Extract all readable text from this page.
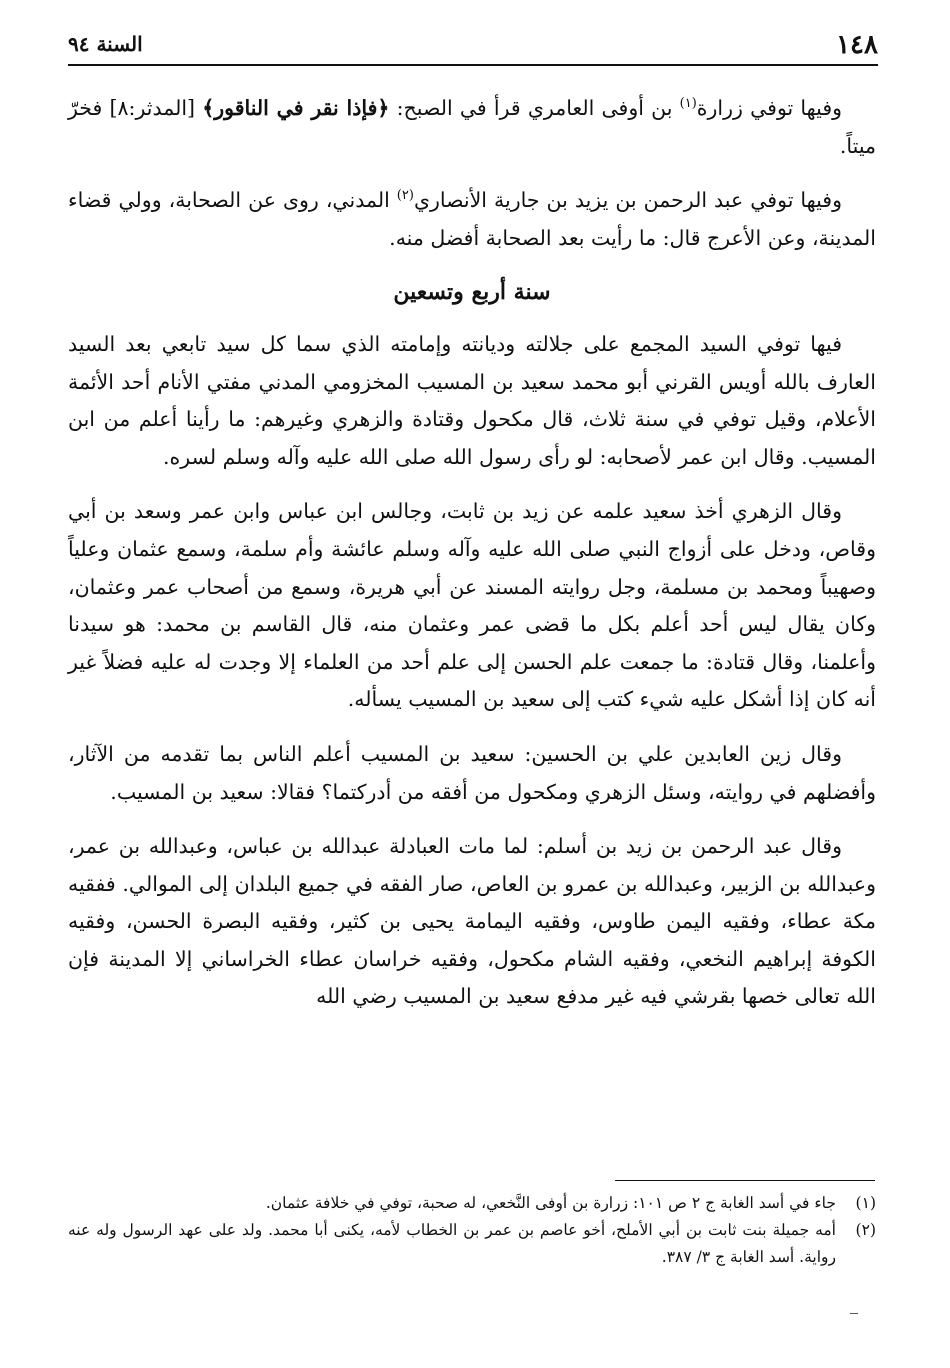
١٤٨
السنة ٩٤

وفيها توفي زرارة$^{(١)}$ بن أوفى العامري قرأ في الصبح: ﴿فإذا نقر في الناقور﴾ [المدثر:٨] فخرّ ميتاً.

وفيها توفي عبد الرحمن بن يزيد بن جارية الأنصاري$^{(٢)}$ المدني، روى عن الصحابة، وولي قضاء المدينة، وعن الأعرج قال: ما رأيت بعد الصحابة أفضل منه.

سنة أربع وتسعين

فيها توفي السيد المجمع على جلالته وديانته وإمامته الذي سما كل سيد تابعي بعد السيد العارف بالله أويس القرني أبو محمد سعيد بن المسيب المخزومي المدني مفتي الأنام أحد الأئمة الأعلام، وقيل توفي في سنة ثلاث، قال مكحول وقتادة والزهري وغيرهم: ما رأينا أعلم من ابن المسيب. وقال ابن عمر لأصحابه: لو رأى رسول الله صلى الله عليه وآله وسلم لسره.

وقال الزهري أخذ سعيد علمه عن زيد بن ثابت، وجالس ابن عباس وابن عمر وسعد بن أبي وقاص، ودخل على أزواج النبي صلى الله عليه وآله وسلم عائشة وأم سلمة، وسمع عثمان وعلياً وصهيباً ومحمد بن مسلمة، وجل روايته المسند عن أبي هريرة، وسمع من أصحاب عمر وعثمان، وكان يقال ليس أحد أعلم بكل ما قضى عمر وعثمان منه، قال القاسم بن محمد: هو سيدنا وأعلمنا، وقال قتادة: ما جمعت علم الحسن إلى علم أحد من العلماء إلا وجدت له عليه فضلاً غير أنه كان إذا أشكل عليه شيء كتب إلى سعيد بن المسيب يسأله.

وقال زين العابدين علي بن الحسين: سعيد بن المسيب أعلم الناس بما تقدمه من الآثار، وأفضلهم في روايته، وسئل الزهري ومكحول من أفقه من أدركتما؟ فقالا: سعيد بن المسيب.

وقال عبد الرحمن بن زيد بن أسلم: لما مات العبادلة عبدالله بن عباس، وعبدالله بن عمر، وعبدالله بن الزبير، وعبدالله بن عمرو بن العاص، صار الفقه في جميع البلدان إلى الموالي. ففقيه مكة عطاء، وفقيه اليمن طاوس، وفقيه اليمامة يحيى بن كثير، وفقيه البصرة الحسن، وفقيه الكوفة إبراهيم النخعي، وفقيه الشام مكحول، وفقيه خراسان عطاء الخراساني إلا المدينة فإن الله تعالى خصها بقرشي فيه غير مدفع سعيد بن المسيب رضي الله

(١)
جاء في أسد الغابة ج ٢ ص ١٠١: زرارة بن أوفى النَّخعي، له صحبة، توفي في خلافة عثمان.
(٢)
أمه جميلة بنت ثابت بن أبي الأملح، أخو عاصم بن عمر بن الخطاب لأمه، يكنى أبا محمد. ولد على عهد الرسول وله عنه رواية. أسد الغابة ج ٣/ ٣٨٧.
